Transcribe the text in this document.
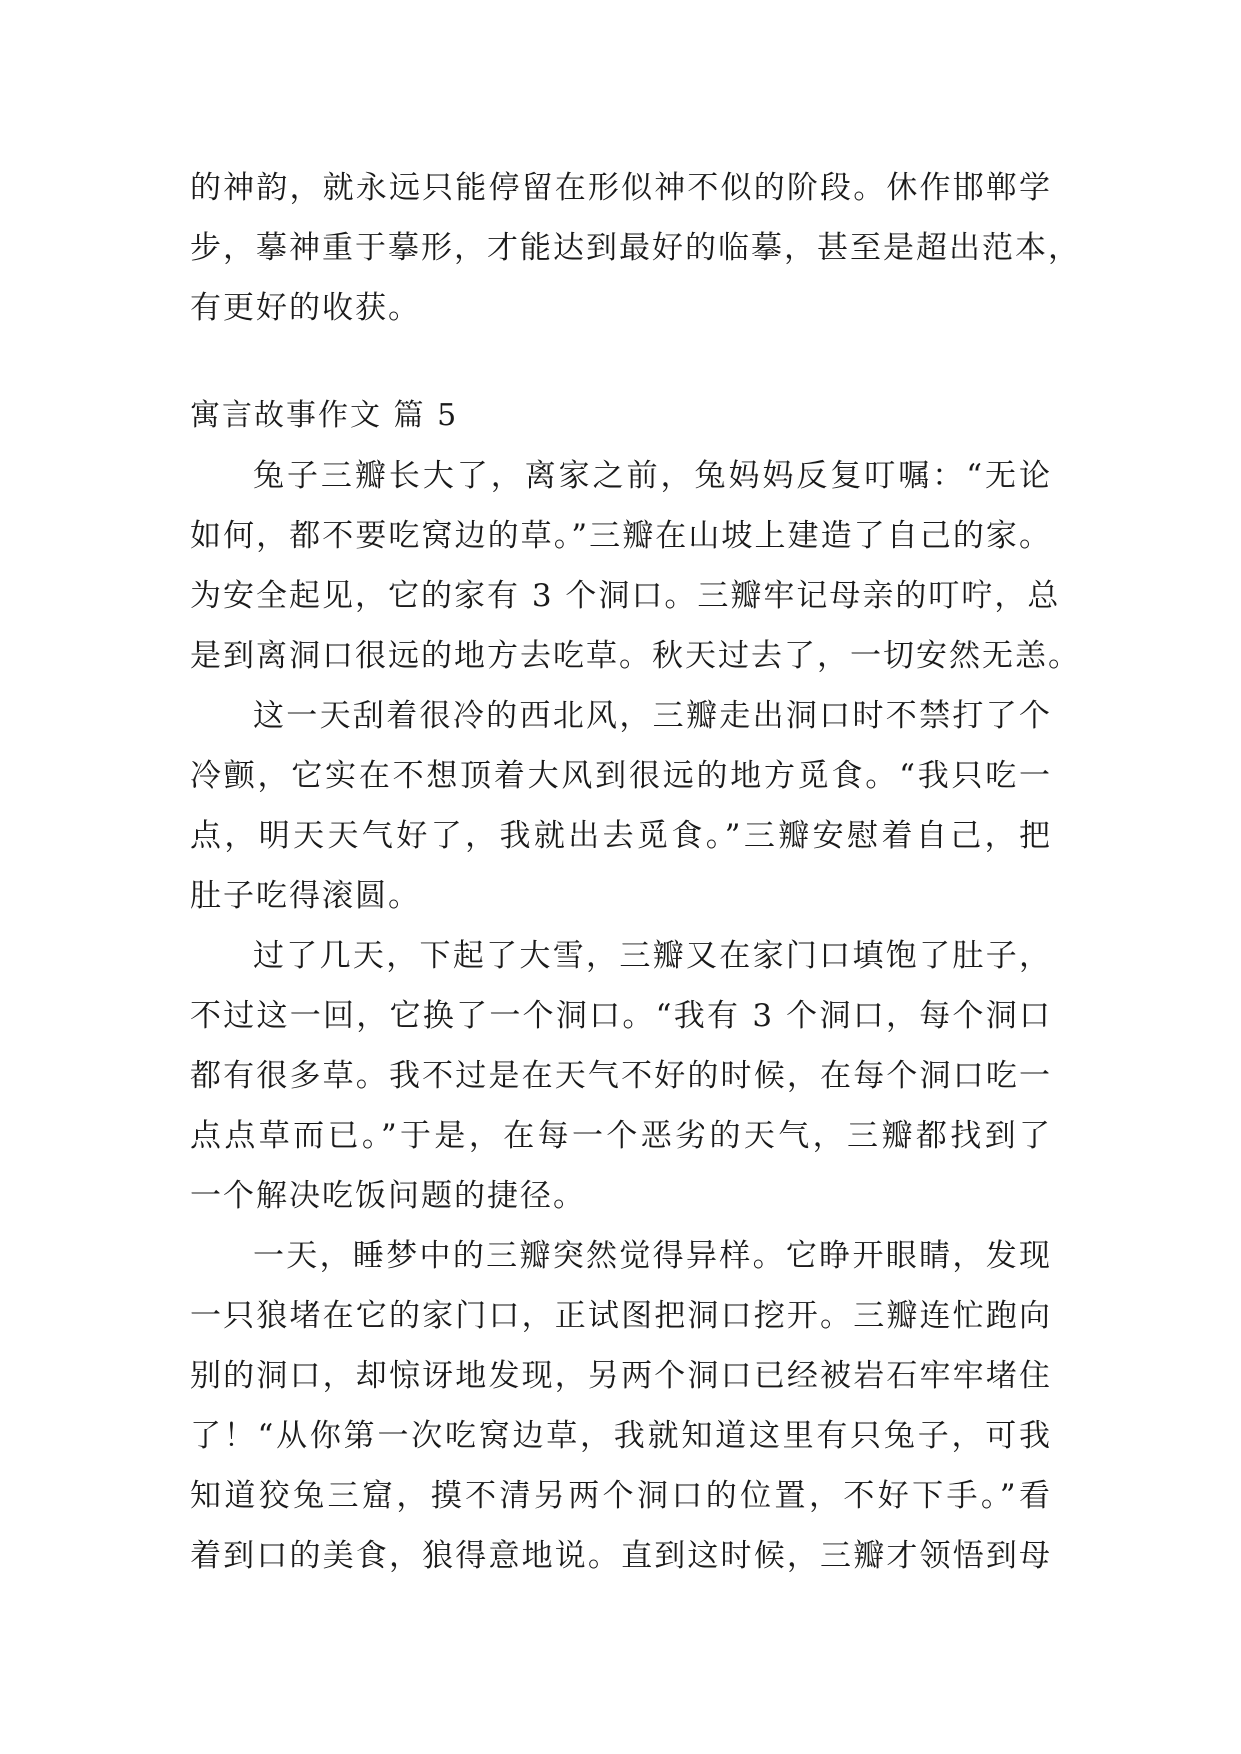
的神韵，就永远只能停留在形似神不似的阶段。休作邯郸学
步，摹神重于摹形，才能达到最好的临摹，甚至是超出范本，
有更好的收获。
寓言故事作文 篇 5
兔子三瓣长大了，离家之前，兔妈妈反复叮嘱：“无论
如何，都不要吃窝边的草。”三瓣在山坡上建造了自己的家。
为安全起见，它的家有 3 个洞口。三瓣牢记母亲的叮咛，总
是到离洞口很远的地方去吃草。秋天过去了，一切安然无恙。
这一天刮着很冷的西北风，三瓣走出洞口时不禁打了个
冷颤，它实在不想顶着大风到很远的地方觅食。“我只吃一
点，明天天气好了，我就出去觅食。”三瓣安慰着自己，把
肚子吃得滚圆。
过了几天，下起了大雪，三瓣又在家门口填饱了肚子，
不过这一回，它换了一个洞口。“我有 3 个洞口，每个洞口
都有很多草。我不过是在天气不好的时候，在每个洞口吃一
点点草而已。”于是，在每一个恶劣的天气，三瓣都找到了
一个解决吃饭问题的捷径。
一天，睡梦中的三瓣突然觉得异样。它睁开眼睛，发现
一只狼堵在它的家门口，正试图把洞口挖开。三瓣连忙跑向
别的洞口，却惊讶地发现，另两个洞口已经被岩石牢牢堵住
了！“从你第一次吃窝边草，我就知道这里有只兔子，可我
知道狡兔三窟，摸不清另两个洞口的位置，不好下手。”看
着到口的美食，狼得意地说。直到这时候，三瓣才领悟到母
